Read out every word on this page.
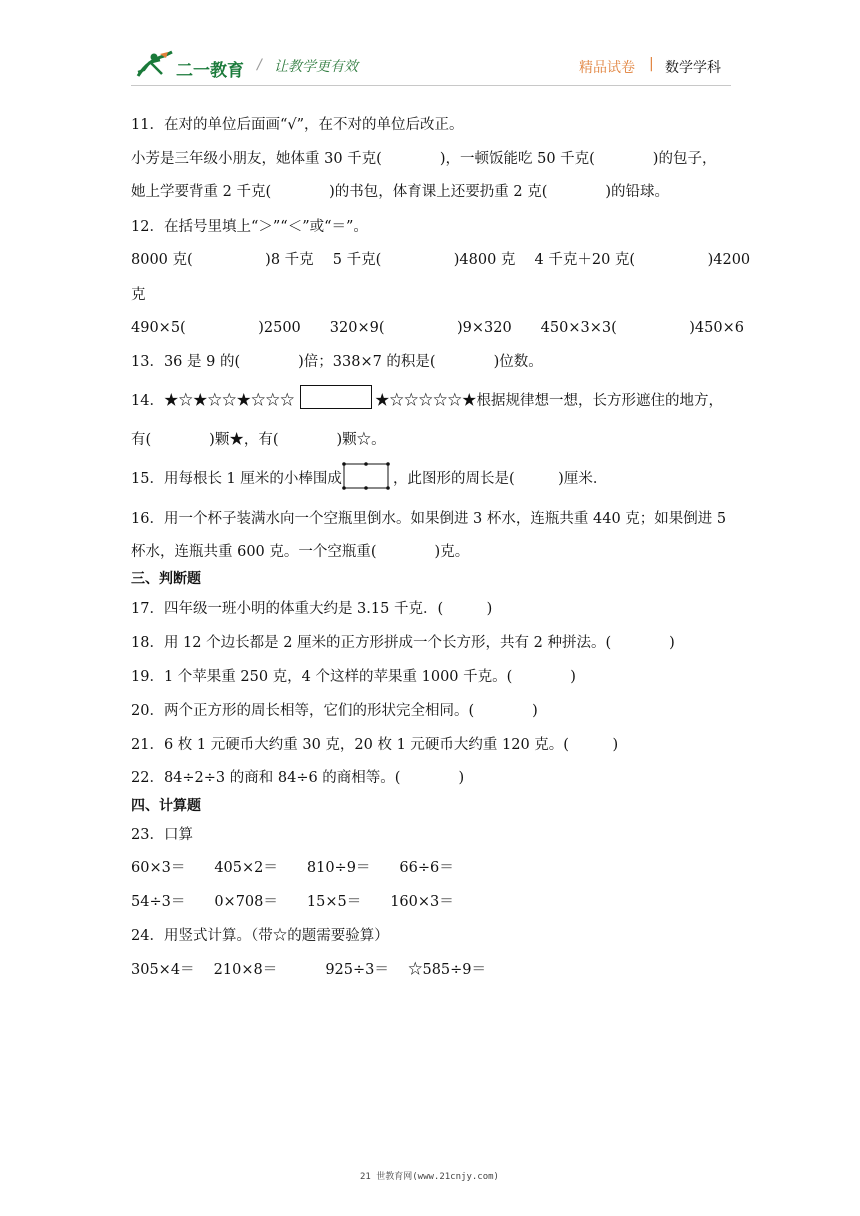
二一教育 / 让教学更有效	精品试卷 | 数学学科
11．在对的单位后面画“√”，在不对的单位后改正。
小芳是三年级小朋友，她体重 30 千克(　　　　)，一顿饭能吃 50 千克(　　　　)的包子，
她上学要背重 2 千克(　　　　)的书包，体育课上还要扔重 2 克(　　　　)的铅球。
12．在括号里填上“＞”“＜”或“＝”。
8000 克(　　　　　)8 千克　 5 千克(　　　　　)4800 克　 4 千克＋20 克(　　　　　)4200
克
490×5(　　　　　)2500　　320×9(　　　　　)9×320　　450×3×3(　　　　　)450×6
13．36 是 9 的(　　　　)倍；338×7 的积是(　　　　)位数。
14．★☆★☆☆★☆☆☆	★☆☆☆☆☆★根据规律想一想，长方形遮住的地方，
有(　　　　)颗★，有(　　　　)颗☆。
15．用每根长 1 厘米的小棒围成	，此图形的周长是(　　　)厘米．
16．用一个杯子装满水向一个空瓶里倒水。如果倒进 3 杯水，连瓶共重 440 克；如果倒进 5
杯水，连瓶共重 600 克。一个空瓶重(　　　　)克。
三、判断题
17．四年级一班小明的体重大约是 3.15 千克．(　　　)
18．用 12 个边长都是 2 厘米的正方形拼成一个长方形，共有 2 种拼法。(　　　　)
19．1 个苹果重 250 克，4 个这样的苹果重 1000 千克。(　　　　)
20．两个正方形的周长相等，它们的形状完全相同。(　　　　)
21．6 枚 1 元硬币大约重 30 克，20 枚 1 元硬币大约重 120 克。(　　　)
22．84÷2÷3 的商和 84÷6 的商相等。(　　　　)
四、计算题
23．口算
60×3＝　　405×2＝　　810÷9＝　　66÷6＝
54÷3＝　　0×708＝　　15×5＝　　160×3＝
24．用竖式计算。（带☆的题需要验算）
305×4＝　 210×8＝　　　 925÷3＝　 ☆585÷9＝
21 世教育网(www.21cnjy.com)
